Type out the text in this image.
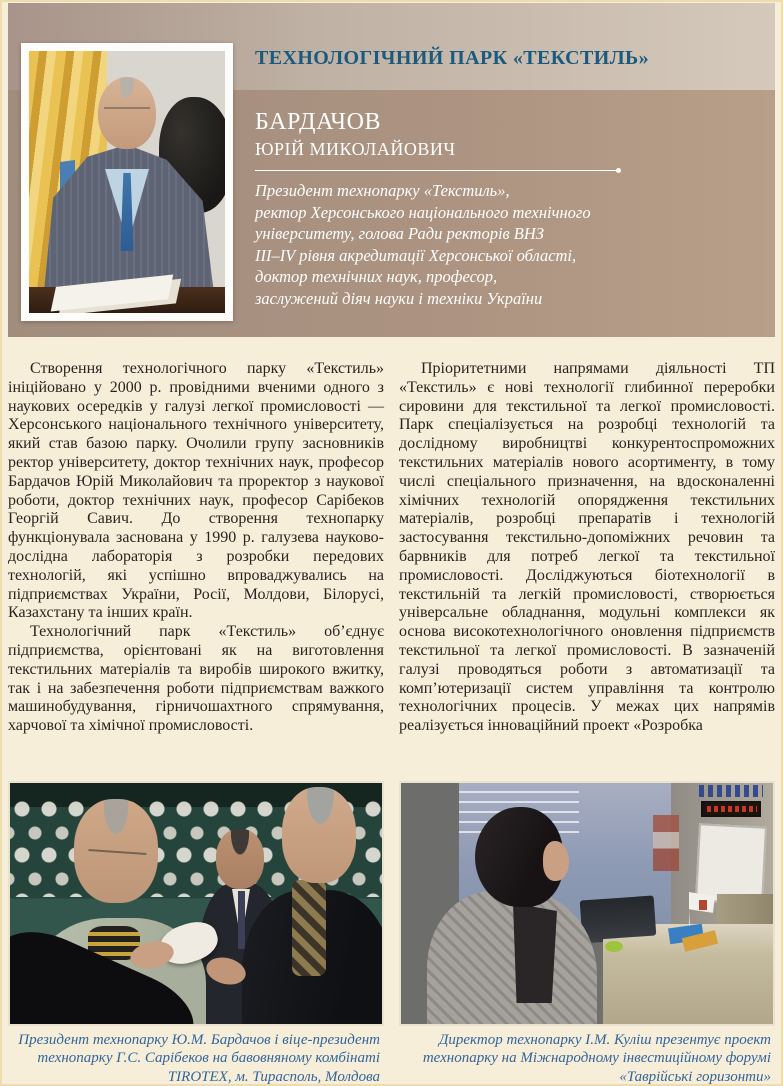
ТЕХНОЛОГІЧНИЙ ПАРК «ТЕКСТИЛЬ»
БАРДАЧОВ
ЮРІЙ МИКОЛАЙОВИЧ
Президент технопарку «Текстиль»,
ректор Херсонського національного технічного
університету, голова Ради ректорів ВНЗ
III–IV рівня акредитації Херсонської області,
доктор технічних наук, професор,
заслужений діяч науки і техніки України

Створення технологічного парку «Текстиль» ініційовано у 2000 р. провідними вченими одного з наукових осередків у галузі легкої промисловості — Херсонського національного технічного університету, який став базою парку. Очолили групу засновників ректор університету, доктор технічних наук, професор Бардачов Юрій Миколайович та проректор з наукової роботи, доктор технічних наук, професор Сарібеков Георгій Савич. До створення технопарку функціонувала заснована у 1990 р. галузева науково-дослідна лабораторія з розробки передових технологій, які успішно впроваджувались на підприємствах України, Росії, Молдови, Білорусі, Казахстану та інших країн.

Технологічний парк «Текстиль» об’єднує підприємства, орієнтовані як на виготовлення текстильних матеріалів та виробів широкого вжитку, так і на забезпечення роботи підприємствам важкого машинобудування, гірничошахтного спрямування, харчової та хімічної промисловості.

Пріоритетними напрямами діяльності ТП «Текстиль» є нові технології глибинної переробки сировини для текстильної та легкої промисловості. Парк спеціалізується на розробці технологій та дослідному виробництві конкурентоспроможних текстильних матеріалів нового асортименту, в тому числі спеціального призначення, на вдосконаленні хімічних технологій опорядження текстильних матеріалів, розробці препаратів і технологій застосування текстильно-допоміжних речовин та барвників для потреб легкої та текстильної промисловості. Досліджуються біотехнології в текстильній та легкій промисловості, створюється універсальне обладнання, модульні комплекси як основа високотехнологічного оновлення підприємств текстильної та легкої промисловості. В зазначеній галузі проводяться роботи з автоматизації та комп’ютеризації систем управління та контролю технологічних процесів. У межах цих напрямів реалізується інноваційний проект «Розробка

Президент технопарку Ю.М. Бардачов і віце-президент технопарку Г.С. Сарібеков на бавовняному комбінаті TIROTEX, м. Тирасполь, Молдова
Директор технопарку І.М. Куліш презентує проект технопарку на Міжнародному інвестиційному форумі «Таврійські горизонти»
